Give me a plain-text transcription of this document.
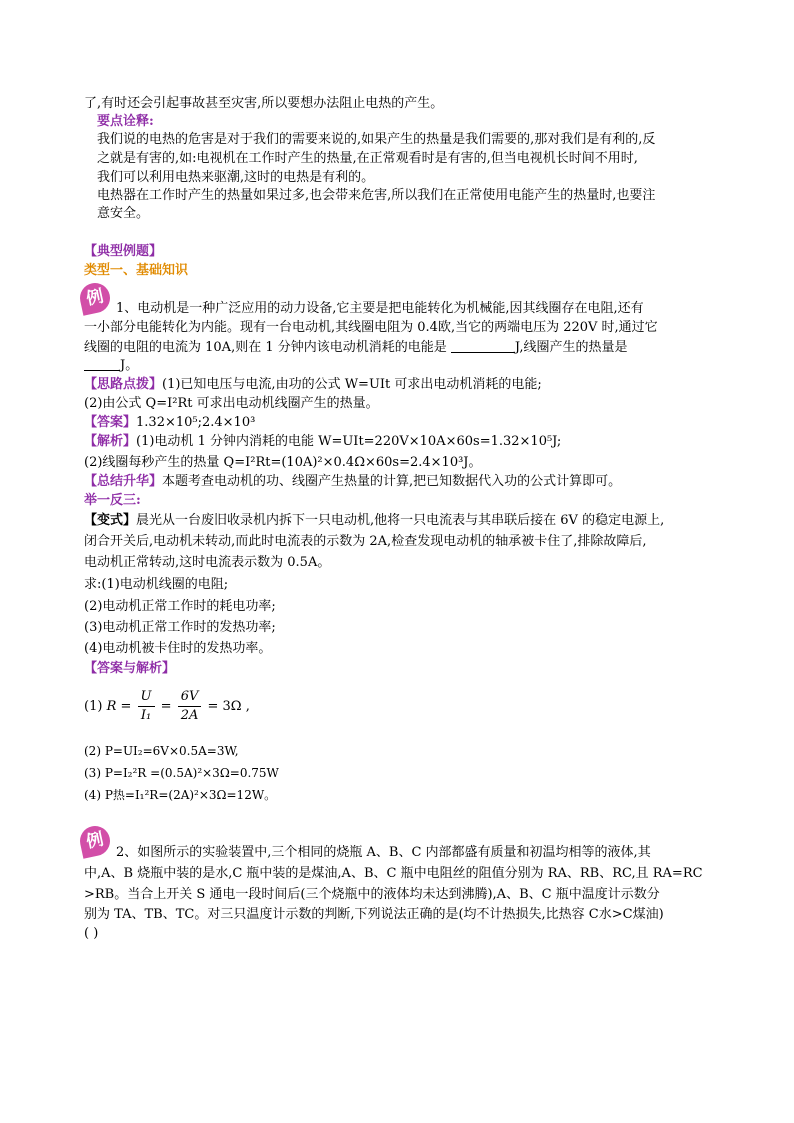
了,有时还会引起事故甚至灾害,所以要想办法阻止电热的产生。
要点诠释:
我们说的电热的危害是对于我们的需要来说的,如果产生的热量是我们需要的,那对我们是有利的,反
之就是有害的,如:电视机在工作时产生的热量,在正常观看时是有害的,但当电视机长时间不用时,
我们可以利用电热来驱潮,这时的电热是有利的。
电热器在工作时产生的热量如果过多,也会带来危害,所以我们在正常使用电能产生的热量时,也要注
意安全。
【典型例题】
类型一、基础知识
例 1、电动机是一种广泛应用的动力设备,它主要是把电能转化为机械能,因其线圈存在电阻,还有
一小部分电能转化为内能。现有一台电动机,其线圈电阻为 0.4欧,当它的两端电压为 220V 时,通过它
线圈的电阻的电流为 10A,则在 1 分钟内该电动机消耗的电能是	J,线圈产生的热量是
J。
【思路点拨】(1)已知电压与电流,由功的公式 W=UIt 可求出电动机消耗的电能;
(2)由公式 Q=I²Rt 可求出电动机线圈产生的热量。
【答案】1.32×10⁵;2.4×10³
【解析】(1)电动机 1 分钟内消耗的电能 W=UIt=220V×10A×60s=1.32×10⁵J;
(2)线圈每秒产生的热量 Q=I²Rt=(10A)²×0.4Ω×60s=2.4×10³J。
【总结升华】本题考查电动机的功、线圈产生热量的计算,把已知数据代入功的公式计算即可。
举一反三:
【变式】晨光从一台废旧收录机内拆下一只电动机,他将一只电流表与其串联后接在 6V 的稳定电源上,
闭合开关后,电动机未转动,而此时电流表的示数为 2A,检查发现电动机的轴承被卡住了,排除故障后,
电动机正常转动,这时电流表示数为 0.5A。
求:(1)电动机线圈的电阻;
(2)电动机正常工作时的耗电功率;
(3)电动机正常工作时的发热功率;
(4)电动机被卡住时的发热功率。
【答案与解析】
(1) $R = \frac{U}{\text{I₁}} = \frac{6V}{2A} = 3\Omega$ ,
(2) P=UI₂=6V×0.5A=3W,
(3) P=I₂²R =(0.5A)²×3Ω=0.75W
(4) P热=I₁²R=(2A)²×3Ω=12W。
例 2、如图所示的实验装置中,三个相同的烧瓶 A、B、C 内部都盛有质量和初温均相等的液体,其
中,A、B 烧瓶中装的是水,C 瓶中装的是煤油,A、B、C 瓶中电阻丝的阻值分别为 RA、RB、RC,且 RA=RC
>RB。当合上开关 S 通电一段时间后(三个烧瓶中的液体均未达到沸腾),A、B、C 瓶中温度计示数分
别为 TA、TB、TC。对三只温度计示数的判断,下列说法正确的是(均不计热损失,比热容 C水>C煤油)
( )
